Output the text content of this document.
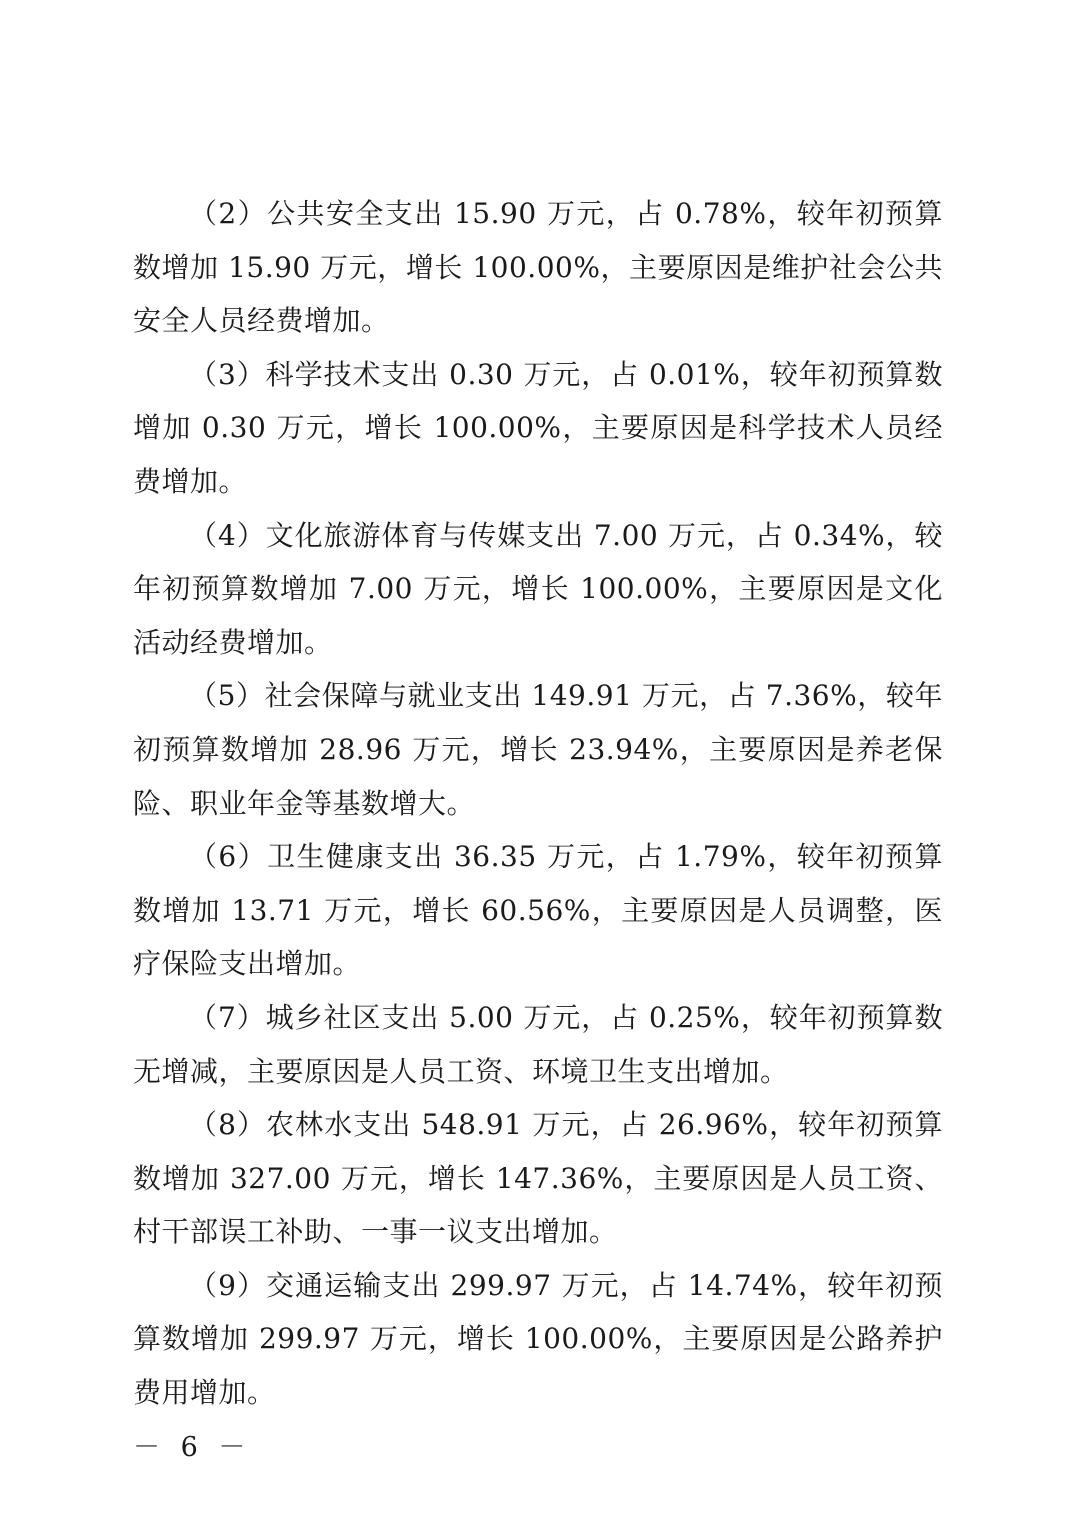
（2）公共安全支出 15.90 万元，占 0.78%，较年初预算数增加 15.90 万元，增长 100.00%，主要原因是维护社会公共安全人员经费增加。

（3）科学技术支出 0.30 万元，占 0.01%，较年初预算数增加 0.30 万元，增长 100.00%，主要原因是科学技术人员经费增加。

（4）文化旅游体育与传媒支出 7.00 万元，占 0.34%，较年初预算数增加 7.00 万元，增长 100.00%，主要原因是文化活动经费增加。

（5）社会保障与就业支出 149.91 万元，占 7.36%，较年初预算数增加 28.96 万元，增长 23.94%，主要原因是养老保险、职业年金等基数增大。

（6）卫生健康支出 36.35 万元，占 1.79%，较年初预算数增加 13.71 万元，增长 60.56%，主要原因是人员调整，医疗保险支出增加。

（7）城乡社区支出 5.00 万元，占 0.25%，较年初预算数无增减，主要原因是人员工资、环境卫生支出增加。

（8）农林水支出 548.91 万元，占 26.96%，较年初预算数增加 327.00 万元，增长 147.36%，主要原因是人员工资、村干部误工补助、一事一议支出增加。

（9）交通运输支出 299.97 万元，占 14.74%，较年初预算数增加 299.97 万元，增长 100.00%，主要原因是公路养护费用增加。

－ 6 －
